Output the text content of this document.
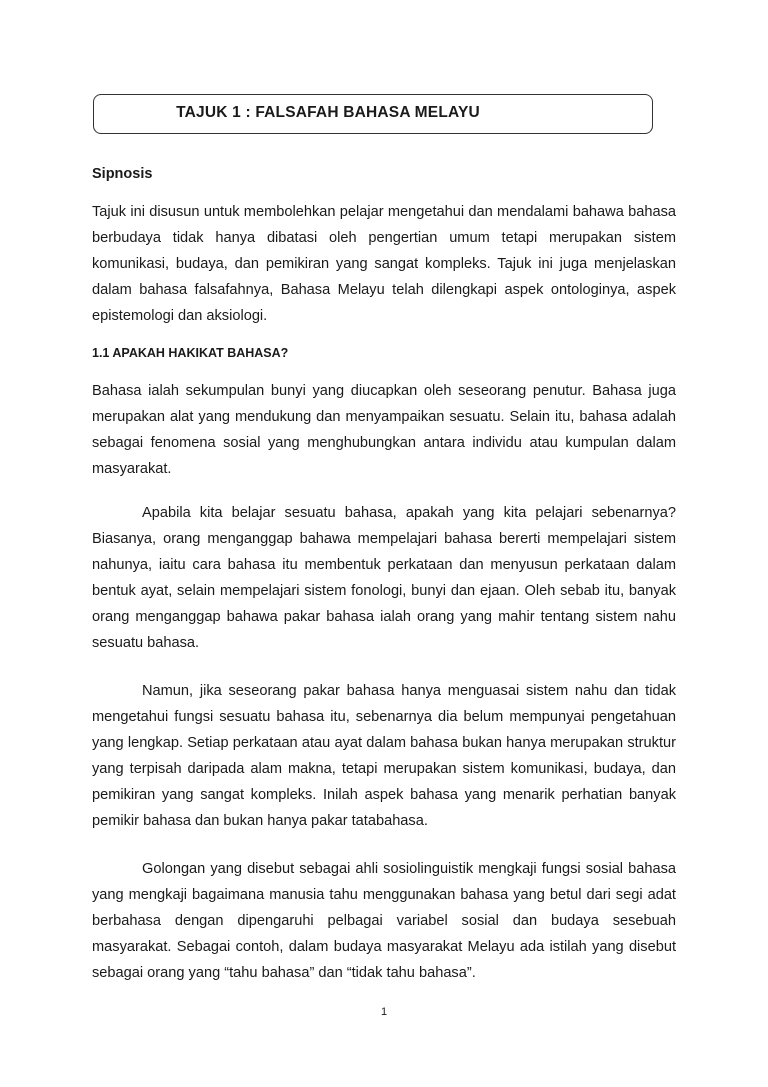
TAJUK 1 : FALSAFAH BAHASA MELAYU
Sipnosis
Tajuk ini disusun untuk membolehkan pelajar mengetahui dan mendalami bahawa bahasa berbudaya tidak hanya dibatasi oleh pengertian umum tetapi merupakan sistem komunikasi, budaya, dan pemikiran yang sangat kompleks. Tajuk ini juga menjelaskan dalam bahasa falsafahnya, Bahasa Melayu telah dilengkapi aspek ontologinya, aspek epistemologi dan aksiologi.
1.1 APAKAH HAKIKAT BAHASA?
Bahasa ialah sekumpulan bunyi yang diucapkan oleh seseorang penutur. Bahasa juga merupakan alat yang mendukung dan menyampaikan sesuatu. Selain itu, bahasa adalah sebagai fenomena sosial yang menghubungkan antara individu atau kumpulan dalam masyarakat.
Apabila kita belajar sesuatu bahasa, apakah yang kita pelajari sebenarnya? Biasanya, orang menganggap bahawa mempelajari bahasa bererti mempelajari sistem nahunya, iaitu cara bahasa itu membentuk perkataan dan menyusun perkataan dalam bentuk ayat, selain mempelajari sistem fonologi, bunyi dan ejaan. Oleh sebab itu, banyak orang menganggap bahawa pakar bahasa ialah orang yang mahir tentang sistem nahu sesuatu bahasa.
Namun, jika seseorang pakar bahasa hanya menguasai sistem nahu dan tidak mengetahui fungsi sesuatu bahasa itu, sebenarnya dia belum mempunyai pengetahuan yang lengkap. Setiap perkataan atau ayat dalam bahasa bukan hanya merupakan struktur yang terpisah daripada alam makna, tetapi merupakan sistem komunikasi, budaya, dan pemikiran yang sangat kompleks. Inilah aspek bahasa yang menarik perhatian banyak pemikir bahasa dan bukan hanya pakar tatabahasa.
Golongan yang disebut sebagai ahli sosiolinguistik mengkaji fungsi sosial bahasa yang mengkaji bagaimana manusia tahu menggunakan bahasa yang betul dari segi adat berbahasa dengan dipengaruhi pelbagai variabel sosial dan budaya sesebuah masyarakat. Sebagai contoh, dalam budaya masyarakat Melayu ada istilah yang disebut sebagai orang yang “tahu bahasa” dan “tidak tahu bahasa”.
1
